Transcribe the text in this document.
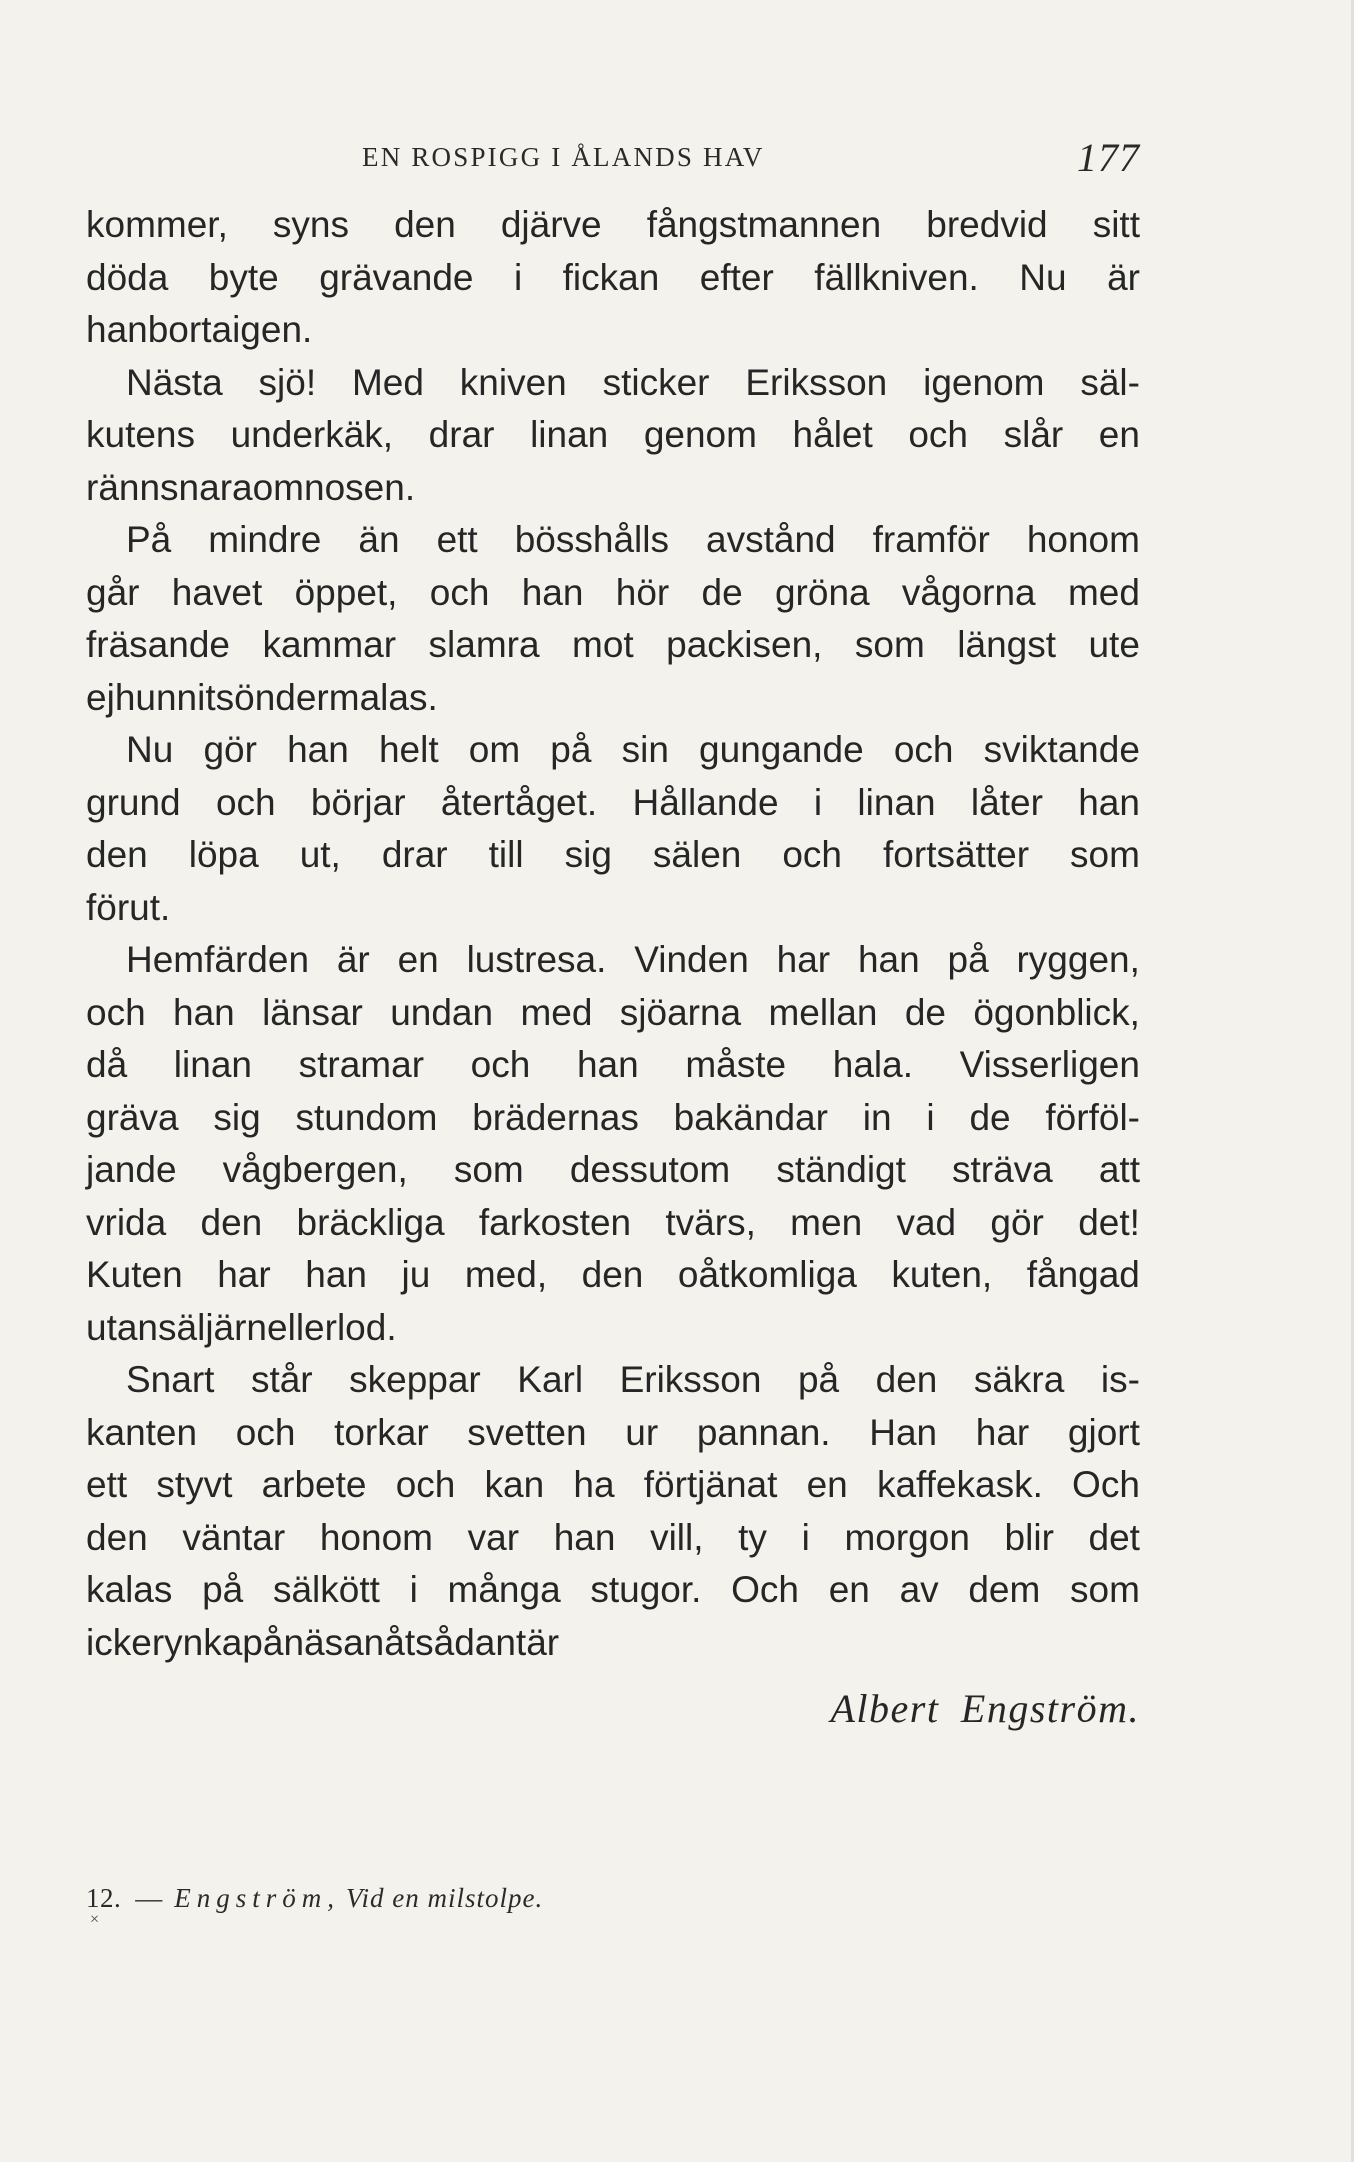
EN ROSPIGG I ÅLANDS HAV	177
kommer, syns den djärve fångstmannen bredvid sitt
döda byte grävande i fickan efter fällkniven. Nu är
han borta igen.
Nästa sjö! Med kniven sticker Eriksson igenom säl-
kutens underkäk, drar linan genom hålet och slår en
rännsnara om nosen.
På mindre än ett bösshålls avstånd framför honom
går havet öppet, och han hör de gröna vågorna med
fräsande kammar slamra mot packisen, som längst ute
ej hunnit söndermalas.
Nu gör han helt om på sin gungande och sviktande
grund och börjar återtåget. Hållande i linan låter han
den löpa ut, drar till sig sälen och fortsätter som
förut.
Hemfärden är en lustresa. Vinden har han på ryggen,
och han länsar undan med sjöarna mellan de ögonblick,
då linan stramar och han måste hala. Visserligen
gräva sig stundom brädernas bakändar in i de förföl-
jande vågbergen, som dessutom ständigt sträva att
vrida den bräckliga farkosten tvärs, men vad gör det!
Kuten har han ju med, den oåtkomliga kuten, fångad
utan säljärn eller lod.
Snart står skeppar Karl Eriksson på den säkra is-
kanten och torkar svetten ur pannan. Han har gjort
ett styvt arbete och kan ha förtjänat en kaffekask. Och
den väntar honom var han vill, ty i morgon blir det
kalas på sälkött i många stugor. Och en av dem som
icke rynka på näsan åt sådant är
Albert Engström.
12. — Engström, Vid en milstolpe.
×
